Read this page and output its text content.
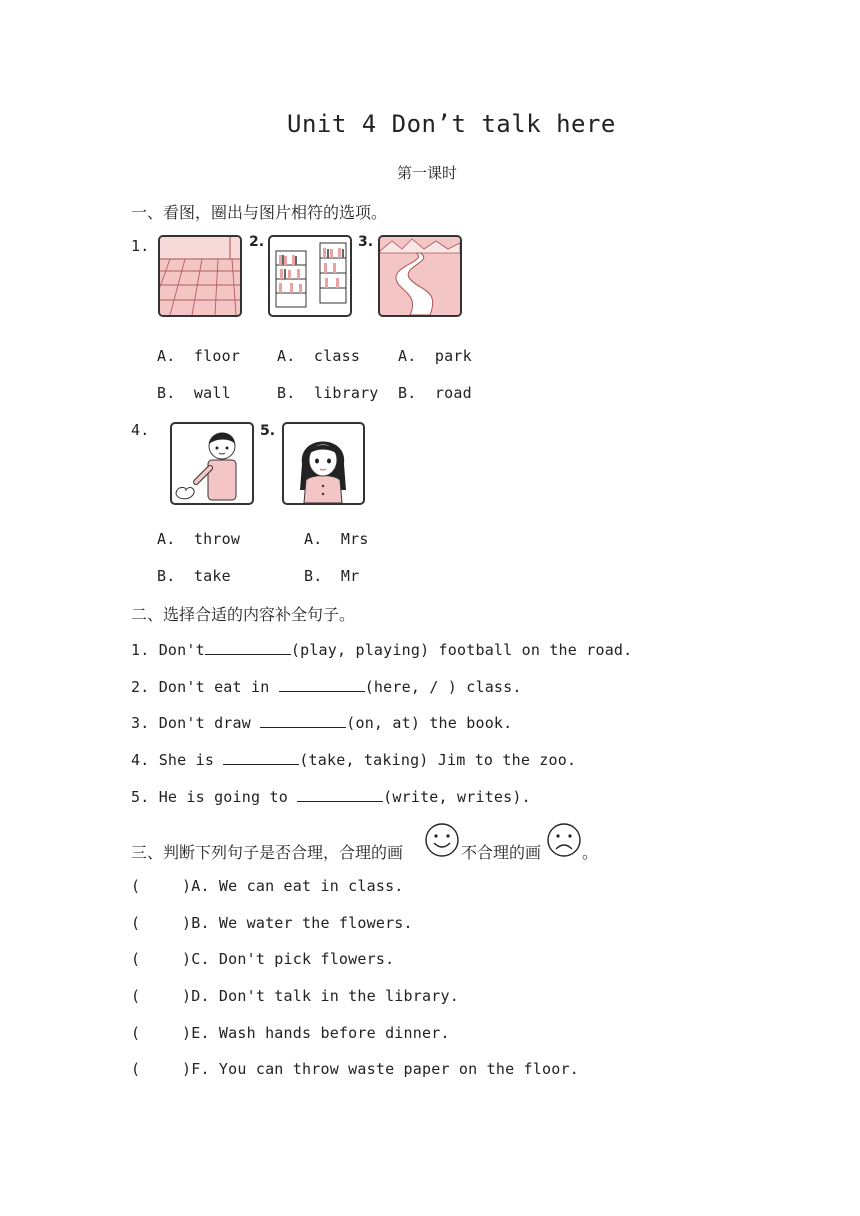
Unit 4 Don’t talk here
第一课时
一、看图，圈出与图片相符的选项。
1.	2.	3.
A.  floor
B.  wall
A.  class
B.  library
A.  park
B.  road
4.	5.
A.  throw
B.  take
A.  Mrs
B.  Mr
二、选择合适的内容补全句子。
1. Don't	(play, playing) football on the road.
2. Don't eat in	(here, / ) class.
3. Don't draw	(on, at) the book.
4. She is	(take, taking) Jim to the zoo.
5. He is going to	(write, writes).
三、判断下列句子是否合理，合理的画	不合理的画	。
(	)A. We can eat in class.
(	)B. We water the flowers.
(	)C. Don't pick flowers.
(	)D. Don't talk in the library.
(	)E. Wash hands before dinner.
(	)F. You can throw waste paper on the floor.
